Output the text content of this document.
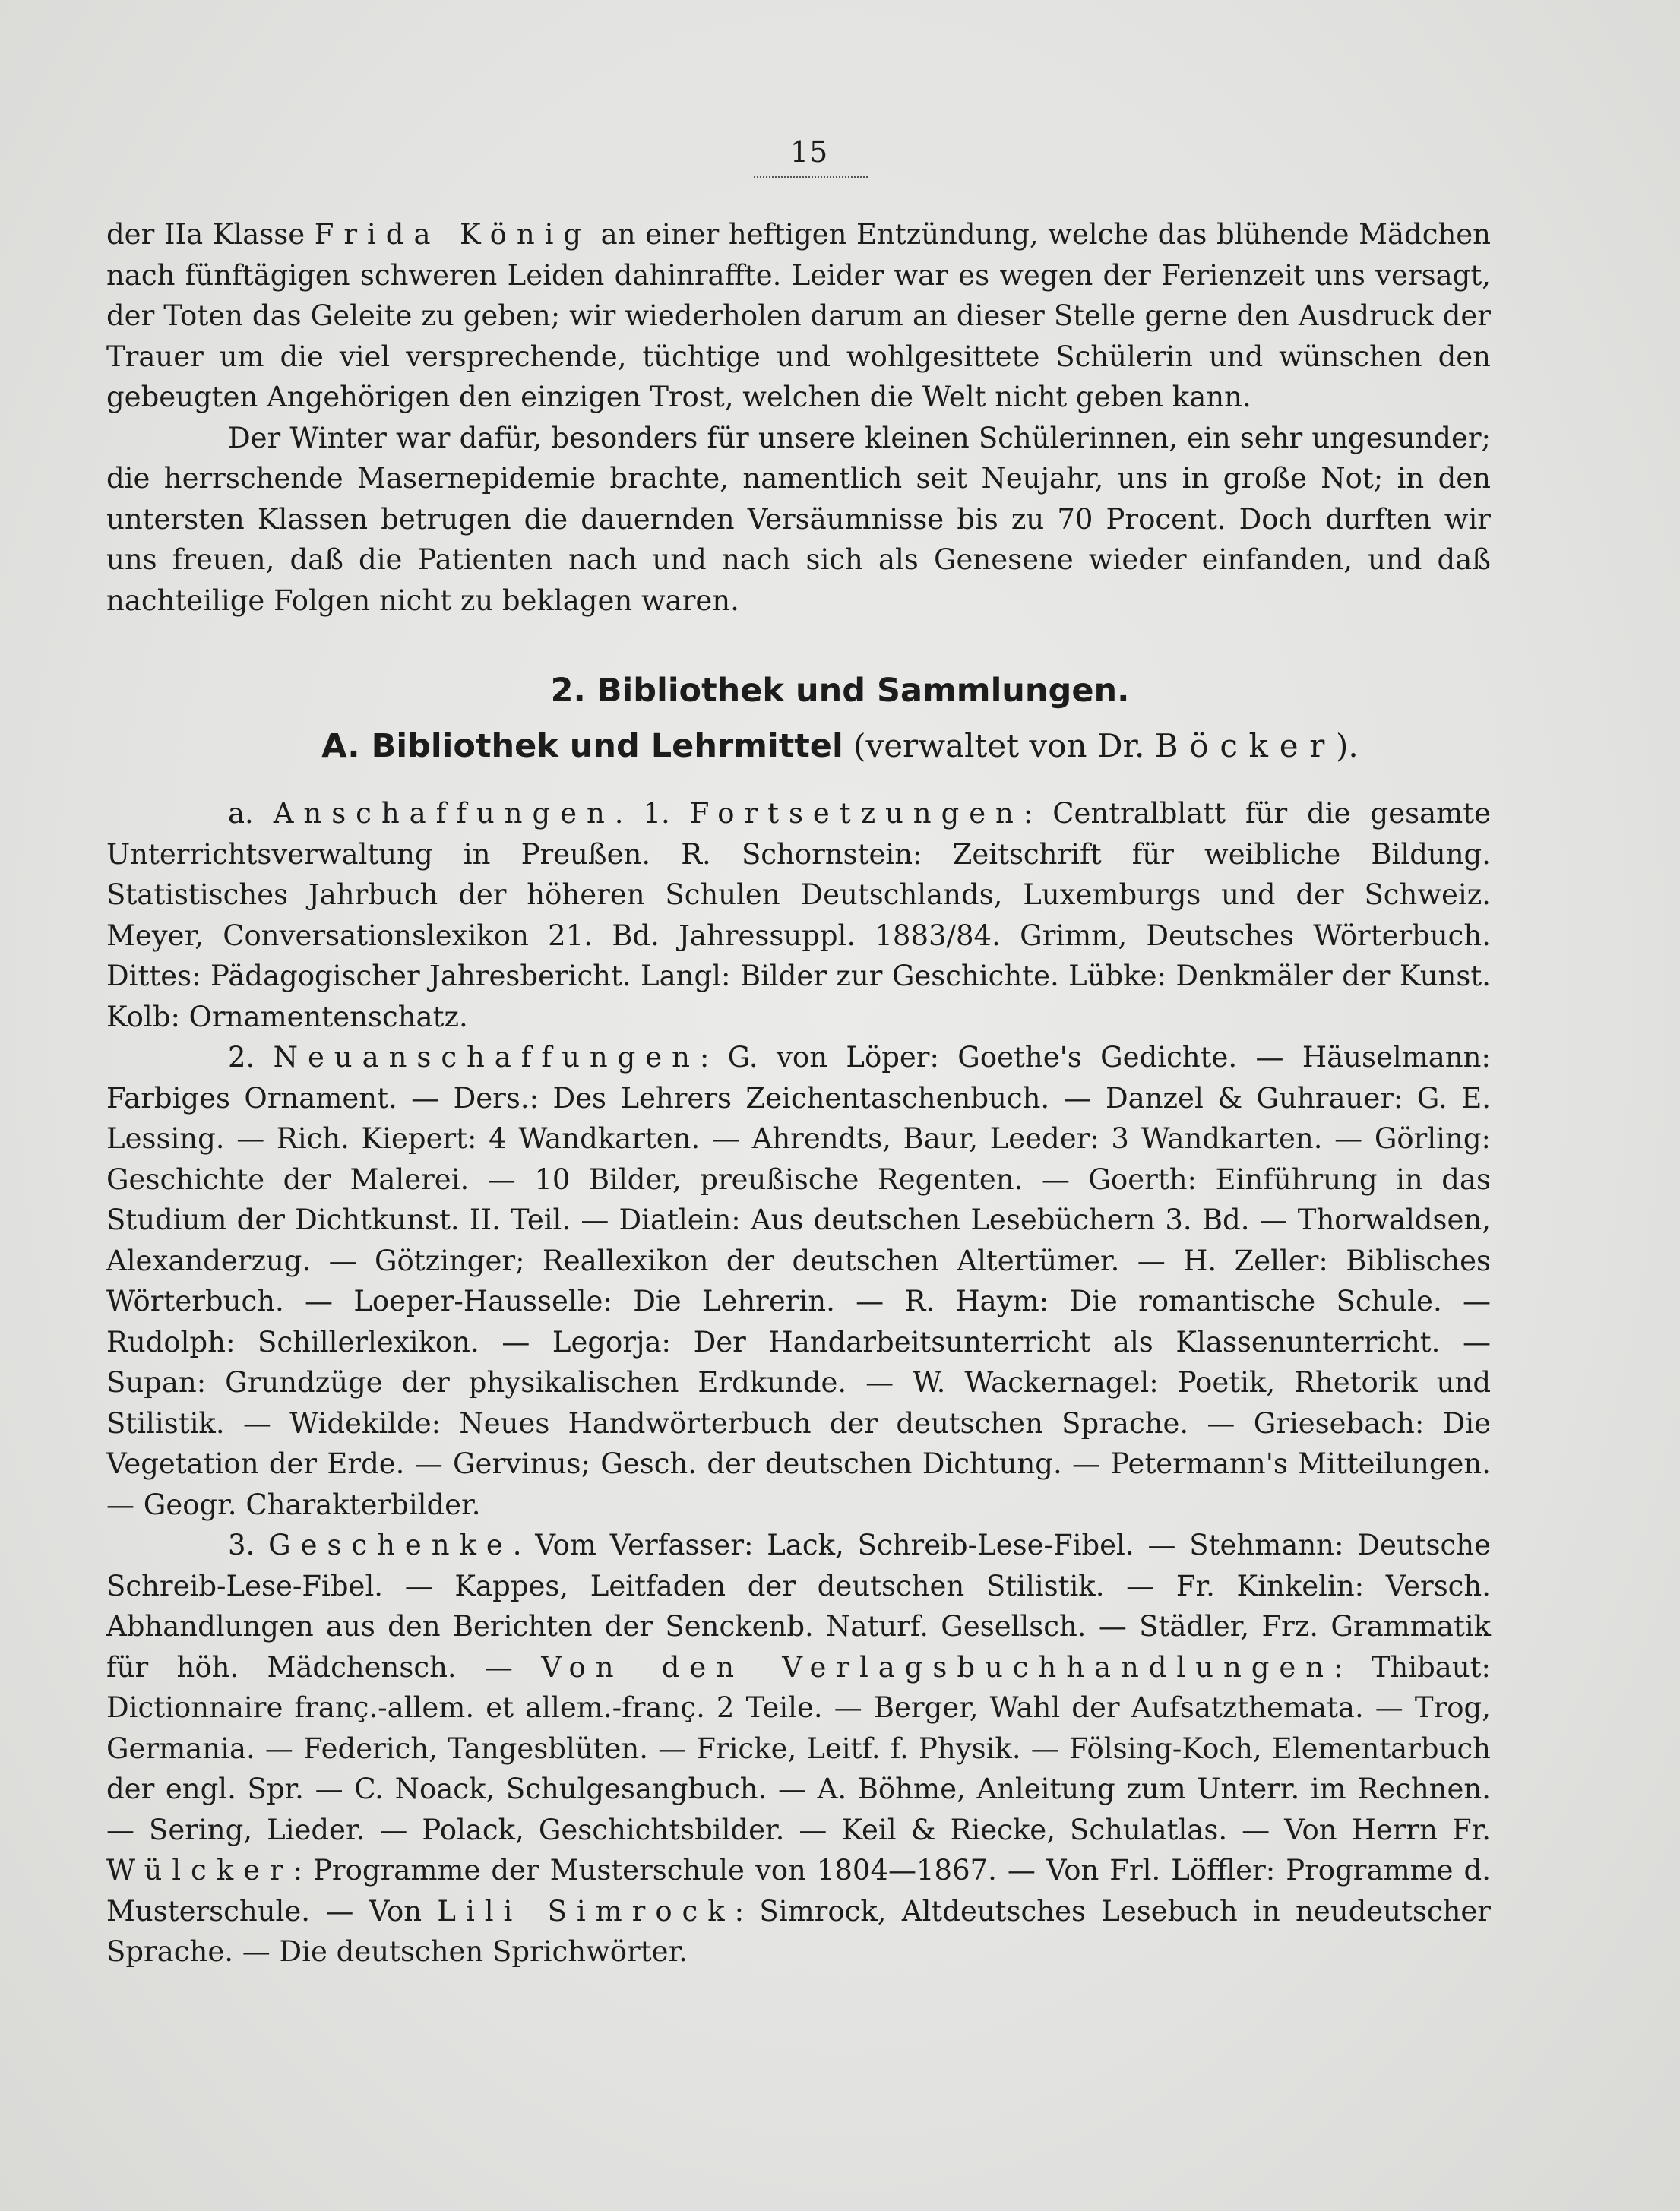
15

der IIa Klasse Frida König an einer heftigen Entzündung, welche das blühende Mädchen nach fünftägigen schweren Leiden dahinraffte. Leider war es wegen der Ferienzeit uns versagt, der Toten das Geleite zu geben; wir wiederholen darum an dieser Stelle gerne den Ausdruck der Trauer um die viel versprechende, tüchtige und wohlgesittete Schülerin und wünschen den gebeugten Angehörigen den einzigen Trost, welchen die Welt nicht geben kann.

Der Winter war dafür, besonders für unsere kleinen Schülerinnen, ein sehr ungesunder; die herrschende Masernepidemie brachte, namentlich seit Neujahr, uns in große Not; in den untersten Klassen betrugen die dauernden Versäumnisse bis zu 70 Procent. Doch durften wir uns freuen, daß die Patienten nach und nach sich als Genesene wieder einfanden, und daß nachteilige Folgen nicht zu beklagen waren.

2. Bibliothek und Sammlungen.
A. Bibliothek und Lehrmittel (verwaltet von Dr. Böcker).

a. Anschaffungen. 1. Fortsetzungen: Centralblatt für die gesamte Unterrichtsverwaltung in Preußen. R. Schornstein: Zeitschrift für weibliche Bildung. Statistisches Jahrbuch der höheren Schulen Deutschlands, Luxemburgs und der Schweiz. Meyer, Conversationslexikon 21. Bd. Jahressuppl. 1883/84. Grimm, Deutsches Wörterbuch. Dittes: Pädagogischer Jahresbericht. Langl: Bilder zur Geschichte. Lübke: Denkmäler der Kunst. Kolb: Ornamentenschatz.

2. Neuanschaffungen: G. von Löper: Goethe's Gedichte. — Häuselmann: Farbiges Ornament. — Ders.: Des Lehrers Zeichentaschenbuch. — Danzel & Guhrauer: G. E. Lessing. — Rich. Kiepert: 4 Wandkarten. — Ahrendts, Baur, Leeder: 3 Wandkarten. — Görling: Geschichte der Malerei. — 10 Bilder, preußische Regenten. — Goerth: Einführung in das Studium der Dichtkunst. II. Teil. — Diatlein: Aus deutschen Lesebüchern 3. Bd. — Thorwaldsen, Alexanderzug. — Götzinger; Reallexikon der deutschen Altertümer. — H. Zeller: Biblisches Wörterbuch. — Loeper-Hausselle: Die Lehrerin. — R. Haym: Die romantische Schule. — Rudolph: Schillerlexikon. — Legorja: Der Handarbeitsunterricht als Klassenunterricht. — Supan: Grundzüge der physikalischen Erdkunde. — W. Wackernagel: Poetik, Rhetorik und Stilistik. — Widekilde: Neues Handwörterbuch der deutschen Sprache. — Griesebach: Die Vegetation der Erde. — Gervinus; Gesch. der deutschen Dichtung. — Petermann's Mitteilungen. — Geogr. Charakterbilder.

3. Geschenke. Vom Verfasser: Lack, Schreib-Lese-Fibel. — Stehmann: Deutsche Schreib-Lese-Fibel. — Kappes, Leitfaden der deutschen Stilistik. — Fr. Kinkelin: Versch. Abhandlungen aus den Berichten der Senckenb. Naturf. Gesellsch. — Städler, Frz. Grammatik für höh. Mädchensch. — Von den Verlagsbuchhandlungen: Thibaut: Dictionnaire franç.-allem. et allem.-franç. 2 Teile. — Berger, Wahl der Aufsatzthemata. — Trog, Germania. — Federich, Tangesblüten. — Fricke, Leitf. f. Physik. — Fölsing-Koch, Elementarbuch der engl. Spr. — C. Noack, Schulgesangbuch. — A. Böhme, Anleitung zum Unterr. im Rechnen. — Sering, Lieder. — Polack, Geschichtsbilder. — Keil & Riecke, Schulatlas. — Von Herrn Fr. Wülcker: Programme der Musterschule von 1804—1867. — Von Frl. Löffler: Programme d. Musterschule. — Von Lili Simrock: Simrock, Altdeutsches Lesebuch in neudeutscher Sprache. — Die deutschen Sprichwörter.
